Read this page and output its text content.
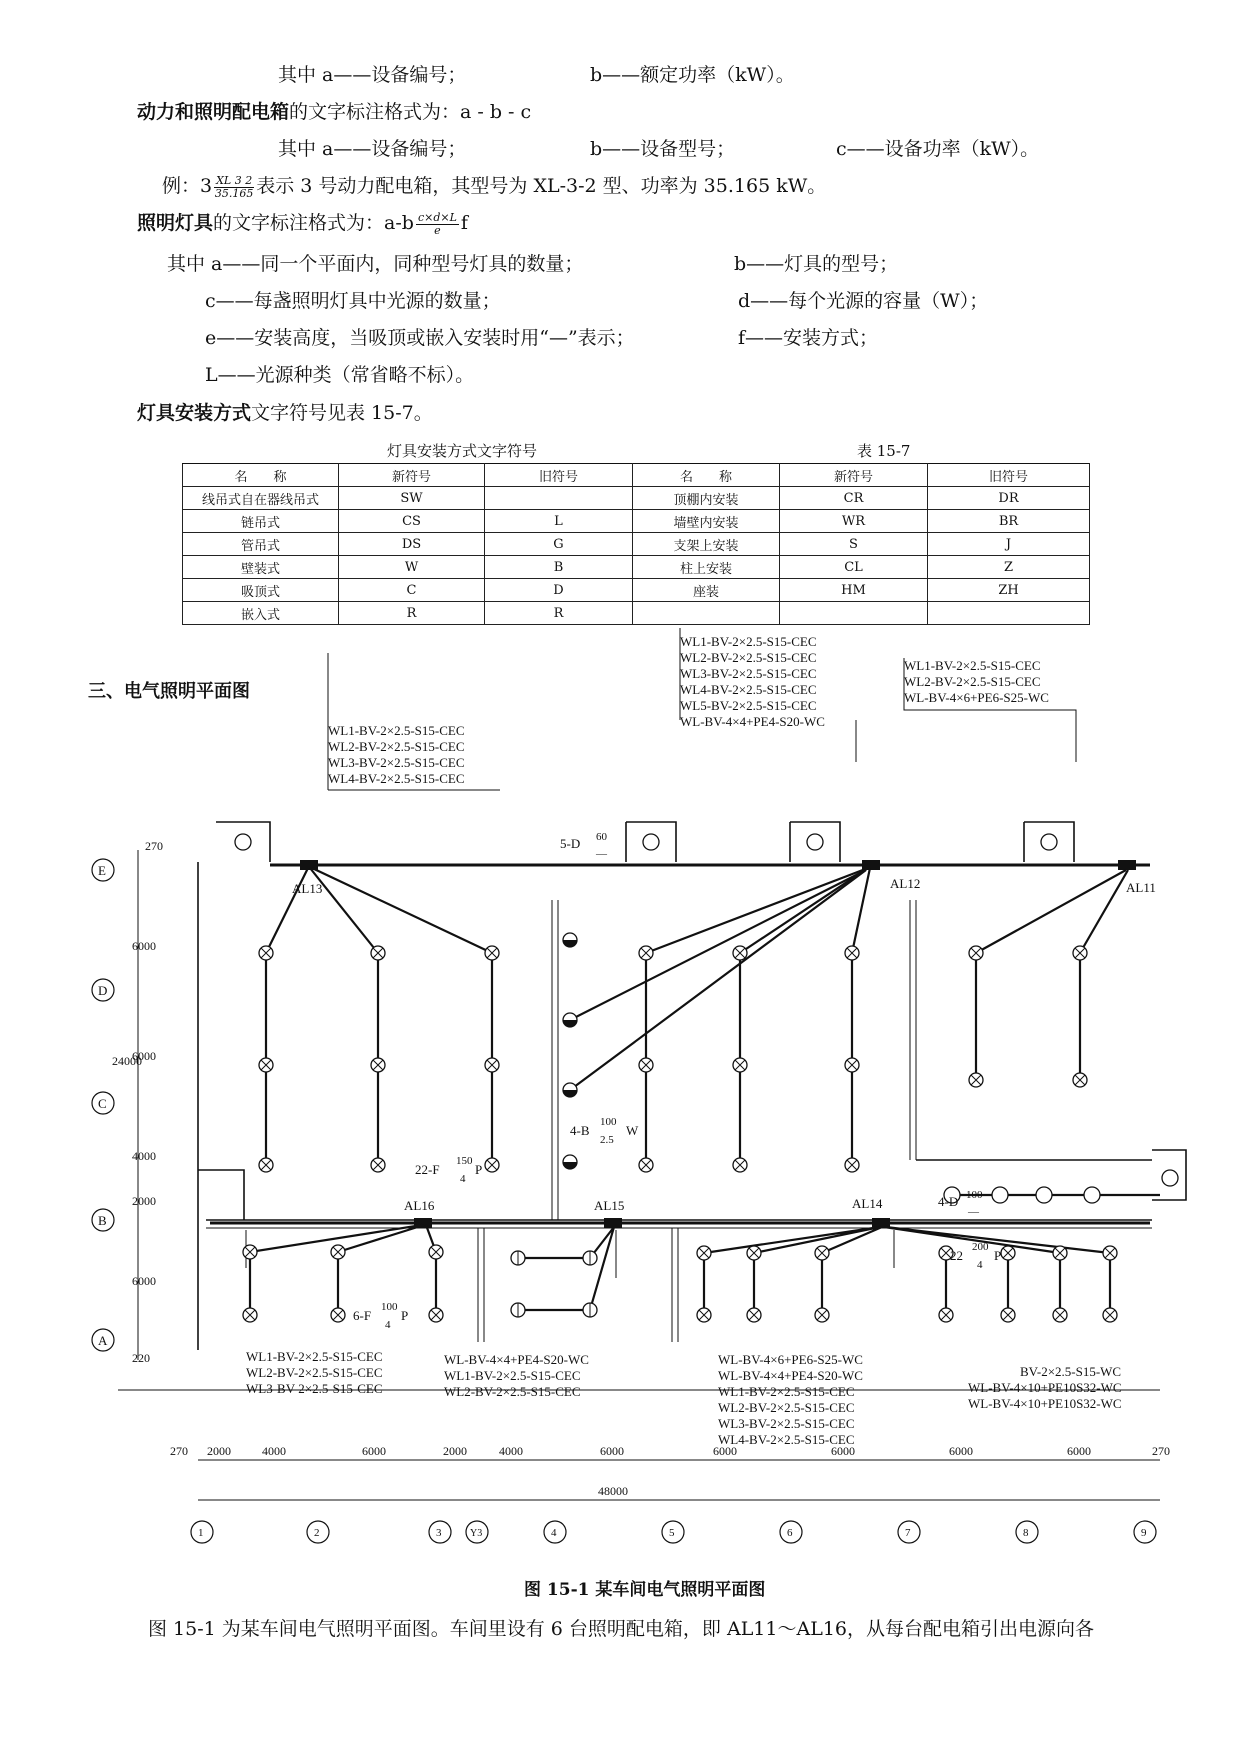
其中 a——设备编号；	b——额定功率（kW）。
动力和照明配电箱的文字标注格式为：a - b - c
其中 a——设备编号；	b——设备型号；	c——设备功率（kW）。
例：$3 \frac{XL 3 2}{35.165}$ 表示 3 号动力配电箱，其型号为 XL-3-2 型、功率为 35.165 kW。
照明灯具的文字标注格式为：$a-b \frac{c\times d\times L}{e}$ f
其中 a——同一个平面内，同种型号灯具的数量；	b——灯具的型号；
c——每盏照明灯具中光源的数量；	d——每个光源的容量（W）；
e——安装高度，当吸顶或嵌入安装时用“—”表示；	f——安装方式；
L——光源种类（常省略不标）。
灯具安装方式文字符号见表 15-7。
灯具安装方式文字符号	表 15-7
名　　称	新符号	旧符号	名　　称	新符号	旧符号
线吊式自在器线吊式	SW		顶棚内安装	CR	DR
链吊式	CS	L	墙壁内安装	WR	BR
管吊式	DS	G	支架上安装	S	J
壁装式	W	B	柱上安装	CL	Z
吸顶式	C	D	座装	HM	ZH
嵌入式	R	R			
三、电气照明平面图
WL1-BV-2×2.5-S15-CEC
WL2-BV-2×2.5-S15-CEC
WL3-BV-2×2.5-S15-CEC
WL4-BV-2×2.5-S15-CEC
WL1-BV-2×2.5-S15-CEC
WL2-BV-2×2.5-S15-CEC
WL3-BV-2×2.5-S15-CEC
WL4-BV-2×2.5-S15-CEC
WL5-BV-2×2.5-S15-CEC
WL-BV-4×4+PE4-S20-WC
WL1-BV-2×2.5-S15-CEC
WL2-BV-2×2.5-S15-CEC
WL-BV-4×6+PE6-S25-WC
WL1-BV-2×2.5-S15-CEC
WL2-BV-2×2.5-S15-CEC
WL3-BV-2×2.5-S15-CEC
WL-BV-4×4+PE4-S20-WC
WL1-BV-2×2.5-S15-CEC
WL2-BV-2×2.5-S15-CEC
WL-BV-4×6+PE6-S25-WC
WL-BV-4×4+PE4-S20-WC
WL1-BV-2×2.5-S15-CEC
WL2-BV-2×2.5-S15-CEC
WL3-BV-2×2.5-S15-CEC
WL4-BV-2×2.5-S15-CEC
BV-2×2.5-S15-WC
WL-BV-4×10+PE10S32-WC
WL-BV-4×10+PE10S32-WC
AL13	AL12	AL11
AL16	AL15	AL14
5-D 60
—
4-B
100
2.5
W
22-F
150
4
P
6-F
100
4
P
22
200
4
P
4-D 100
—
E
D
C
B
A
270
6000
6000
4000
2000
6000
220
24000
270 2000	4000	6000	2000	4000	6000	6000	6000	6000	6000	270
48000
1	2	3	Y3	4	5	6	7	8	9
图 15-1 某车间电气照明平面图
图 15-1 为某车间电气照明平面图。车间里设有 6 台照明配电箱，即 AL11～AL16，从每台配电箱引出电源向各
